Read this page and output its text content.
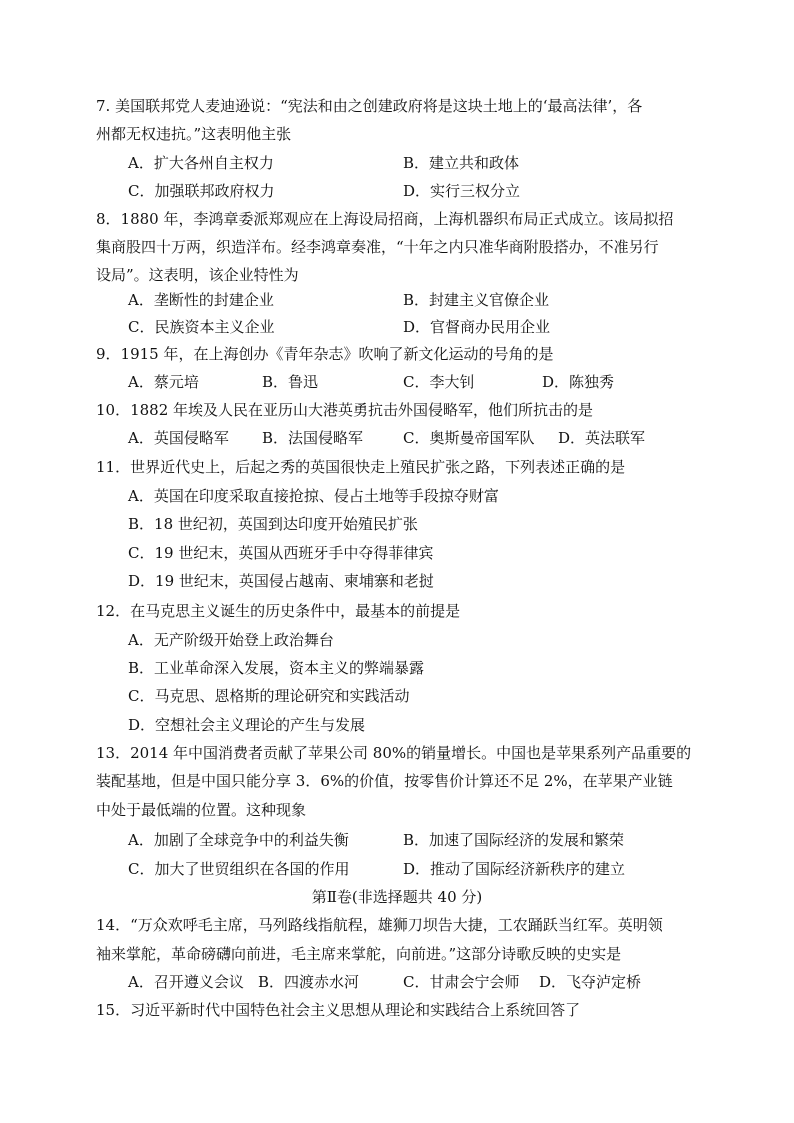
7. 美国联邦党人麦迪逊说：“宪法和由之创建政府将是这块土地上的‘最高法律’，各
州都无权违抗。”这表明他主张
A．扩大各州自主权力	B．建立共和政体
C．加强联邦政府权力	D．实行三权分立
8．1880 年，李鸿章委派郑观应在上海设局招商，上海机器织布局正式成立。该局拟招
集商股四十万两，织造洋布。经李鸿章奏准，“十年之内只准华商附股搭办，不准另行
设局”。这表明，该企业特性为
A．垄断性的封建企业	B．封建主义官僚企业
C．民族资本主义企业	D．官督商办民用企业
9．1915 年，在上海创办《青年杂志》吹响了新文化运动的号角的是
A．蔡元培	B．鲁迅	C．李大钊	D．陈独秀
10．1882 年埃及人民在亚历山大港英勇抗击外国侵略军，他们所抗击的是
A．英国侵略军 B．法国侵略军	C．奥斯曼帝国军队 D．英法联军
11．世界近代史上，后起之秀的英国很快走上殖民扩张之路，下列表述正确的是
A．英国在印度采取直接抢掠、侵占土地等手段掠夺财富
B．18 世纪初，英国到达印度开始殖民扩张
C．19 世纪末，英国从西班牙手中夺得菲律宾
D．19 世纪末，英国侵占越南、柬埔寨和老挝
12．在马克思主义诞生的历史条件中，最基本的前提是
A．无产阶级开始登上政治舞台
B．工业革命深入发展，资本主义的弊端暴露
C．马克思、恩格斯的理论研究和实践活动
D．空想社会主义理论的产生与发展
13．2014 年中国消费者贡献了苹果公司 80%的销量增长。中国也是苹果系列产品重要的
装配基地，但是中国只能分享 3．6%的价值，按零售价计算还不足 2%，在苹果产业链
中处于最低端的位置。这种现象
A．加剧了全球竞争中的利益失衡	B．加速了国际经济的发展和繁荣
C．加大了世贸组织在各国的作用	D．推动了国际经济新秩序的建立
第Ⅱ卷(非选择题共 40 分)
14．“万众欢呼毛主席，马列路线指航程，雄狮刀坝告大捷，工农踊跃当红军。英明领
袖来掌舵，革命磅礴向前进，毛主席来掌舵，向前进。”这部分诗歌反映的史实是
A．召开遵义会议 B．四渡赤水河	C．甘肃会宁会师 D．飞夺泸定桥
15．习近平新时代中国特色社会主义思想从理论和实践结合上系统回答了
